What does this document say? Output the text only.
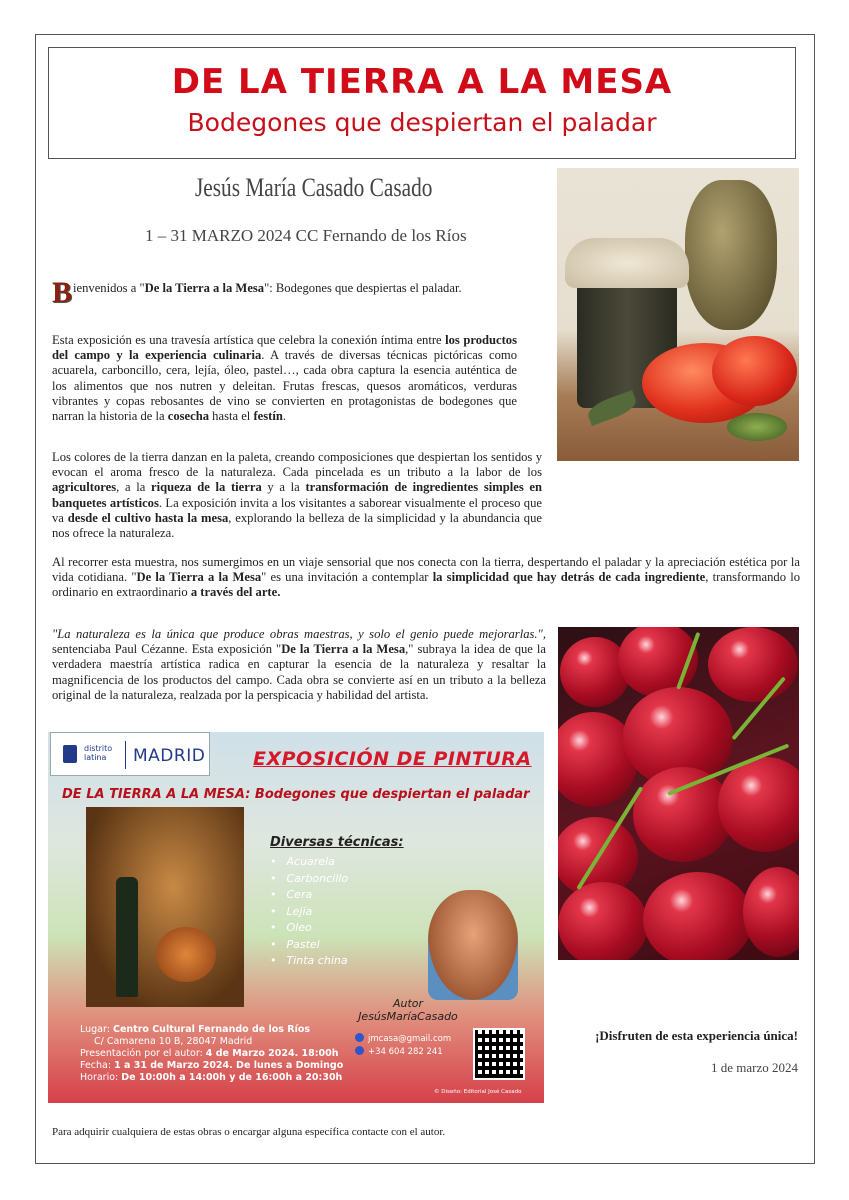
DE LA TIERRA A LA MESA
Bodegones que despiertan el paladar
Jesús María Casado Casado
1 – 31 MARZO 2024 CC Fernando de los Ríos
Bienvenidos a "De la Tierra a la Mesa": Bodegones que despiertas el paladar.
Esta exposición es una travesía artística que celebra la conexión íntima entre los productos del campo y la experiencia culinaria. A través de diversas técnicas pictóricas como acuarela, carboncillo, cera, lejía, óleo, pastel…, cada obra captura la esencia auténtica de los alimentos que nos nutren y deleitan. Frutas frescas, quesos aromáticos, verduras vibrantes y copas rebosantes de vino se convierten en protagonistas de bodegones que narran la historia de la cosecha hasta el festín.
Los colores de la tierra danzan en la paleta, creando composiciones que despiertan los sentidos y evocan el aroma fresco de la naturaleza. Cada pincelada es un tributo a la labor de los agricultores, a la riqueza de la tierra y a la transformación de ingredientes simples en banquetes artísticos. La exposición invita a los visitantes a saborear visualmente el proceso que va desde el cultivo hasta la mesa, explorando la belleza de la simplicidad y la abundancia que nos ofrece la naturaleza.
Al recorrer esta muestra, nos sumergimos en un viaje sensorial que nos conecta con la tierra, despertando el paladar y la apreciación estética por la vida cotidiana. "De la Tierra a la Mesa" es una invitación a contemplar la simplicidad que hay detrás de cada ingrediente, transformando lo ordinario en extraordinario a través del arte.
"La naturaleza es la única que produce obras maestras, y solo el genio puede mejorarlas.", sentenciaba Paul Cézanne. Esta exposición "De la Tierra a la Mesa," subraya la idea de que la verdadera maestría artística radica en capturar la esencia de la naturaleza y resaltar la magnificencia de los productos del campo. Cada obra se convierte así en un tributo a la belleza original de la naturaleza, realzada por la perspicacia y habilidad del artista.
distrito
latina	MADRID	EXPOSICIÓN DE PINTURA
DE LA TIERRA A LA MESA: Bodegones que despiertan el paladar
Diversas técnicas:
• Acuarela
• Carboncillo
• Cera
• Lejía
• Oleo
• Pastel
• Tinta china
Autor
JesúsMaríaCasado
Lugar: Centro Cultural Fernando de los Ríos
C/ Camarena 10 B, 28047 Madrid
Presentación por el autor: 4 de Marzo 2024. 18:00h
Fecha: 1 a 31 de Marzo 2024. De lunes a Domingo
Horario: De 10:00h a 14:00h y de 16:00h a 20:30h
jmcasa@gmail.com
+34 604 282 241
© Diseño: Editorial José Casado
¡Disfruten de esta experiencia única!
1 de marzo 2024
Para adquirir cualquiera de estas obras o encargar alguna específica contacte con el autor.
